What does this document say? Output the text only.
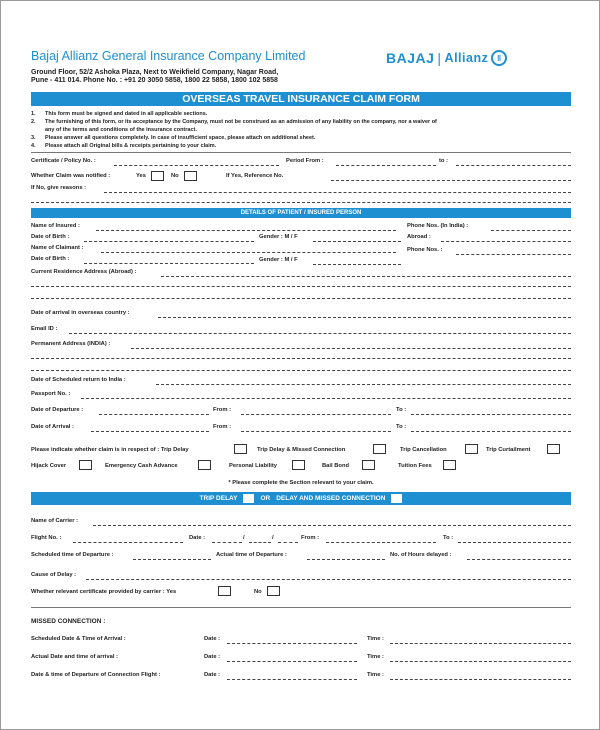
Bajaj Allianz General Insurance Company Limited
Ground Floor, 52/2 Ashoka Plaza, Next to Weikfield Company, Nagar Road,
Pune - 411 014. Phone No. : +91 20 3050 5858, 1800 22 5858, 1800 102 5858
BAJAJ | Allianz	‖
OVERSEAS TRAVEL INSURANCE CLAIM FORM
1. This form must be signed and dated in all applicable sections.
2. The furnishing of this form, or its acceptance by the Company, must not be construed as an admission of any liability on the company, nor a waiver of
any of the terms and conditions of the insurance contract.
3. Please answer all questions completely. In case of insufficient space, please attach on additional sheet.
4. Please attach all Original bills & receipts pertaining to your claim.
Certificate / Policy No. :	Period From :	to :
Whether Claim was notified :	Yes	No	If Yes, Reference No.
If No, give reasons :
DETAILS OF PATIENT / INSURED PERSON
Name of Insured :	Phone Nos. (In India) :
Date of Birth :	Gender : M / F	Abroad :
Name of Claimant :	Phone Nos. :
Date of Birth :	Gender : M / F
Current Residence Address (Abroad) :
Date of arrival in overseas country :
Email ID :
Permanent Address (INDIA) :
Date of Scheduled return to India :
Passport No. :
Date of Departure :	From :	To :
Date of Arrival :	From :	To :
Please indicate whether claim is in respect of : Trip Delay	Trip Delay & Missed Connection	Trip Cancellation	Trip Curtailment
Hijack Cover	Emergency Cash Advance	Personal Liability	Bail Bond	Tuition Fees
* Please complete the Section relevant to your claim.
TRIP DELAY	OR DELAY AND MISSED CONNECTION
Name of Carrier :
Flight No. :	Date :	/	/	From :	To :
Scheduled time of Departure :	Actual time of Departure :	No. of Hours delayed :
Cause of Delay :
Whether relevant certificate provided by carrier : Yes	No
MISSED CONNECTION :
Scheduled Date & Time of Arrival :	Date :	Time :
Actual Date and time of arrival :	Date :	Time :
Date & time of Departure of Connection Flight :	Date :	Time :
